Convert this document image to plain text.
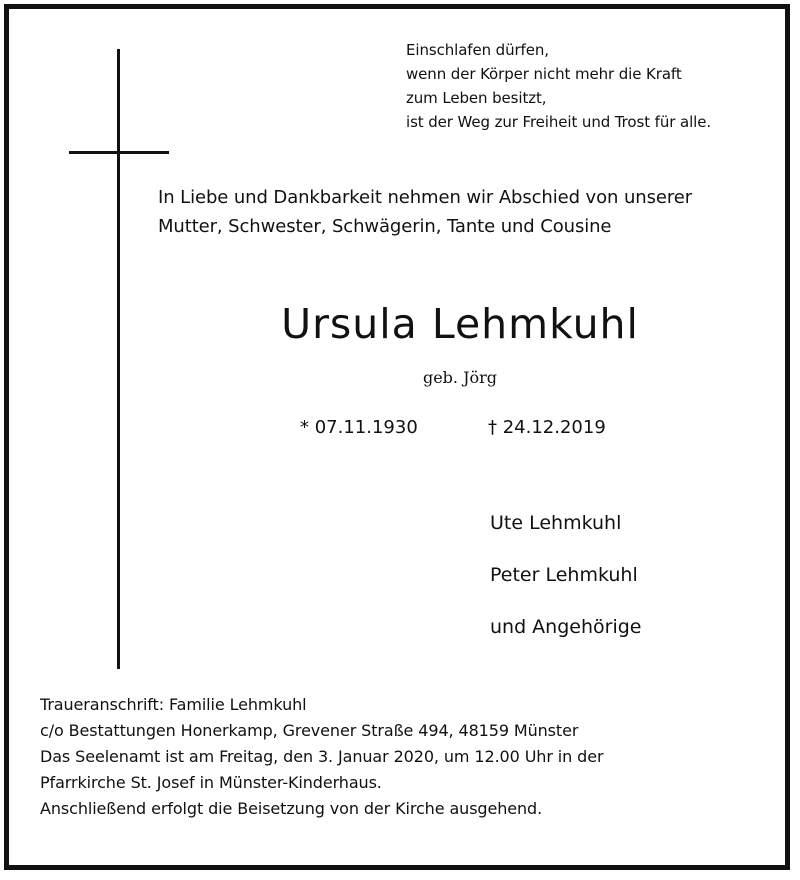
Einschlafen dürfen,
wenn der Körper nicht mehr die Kraft
zum Leben besitzt,
ist der Weg zur Freiheit und Trost für alle.
In Liebe und Dankbarkeit nehmen wir Abschied von unserer
Mutter, Schwester, Schwägerin, Tante und Cousine
Ursula Lehmkuhl
geb. Jörg
* 07.11.1930	† 24.12.2019
Ute Lehmkuhl
Peter Lehmkuhl
und Angehörige
Traueranschrift: Familie Lehmkuhl
c/o Bestattungen Honerkamp, Grevener Straße 494, 48159 Münster
Das Seelenamt ist am Freitag, den 3. Januar 2020, um 12.00 Uhr in der
Pfarrkirche St. Josef in Münster-Kinderhaus.
Anschließend erfolgt die Beisetzung von der Kirche ausgehend.
